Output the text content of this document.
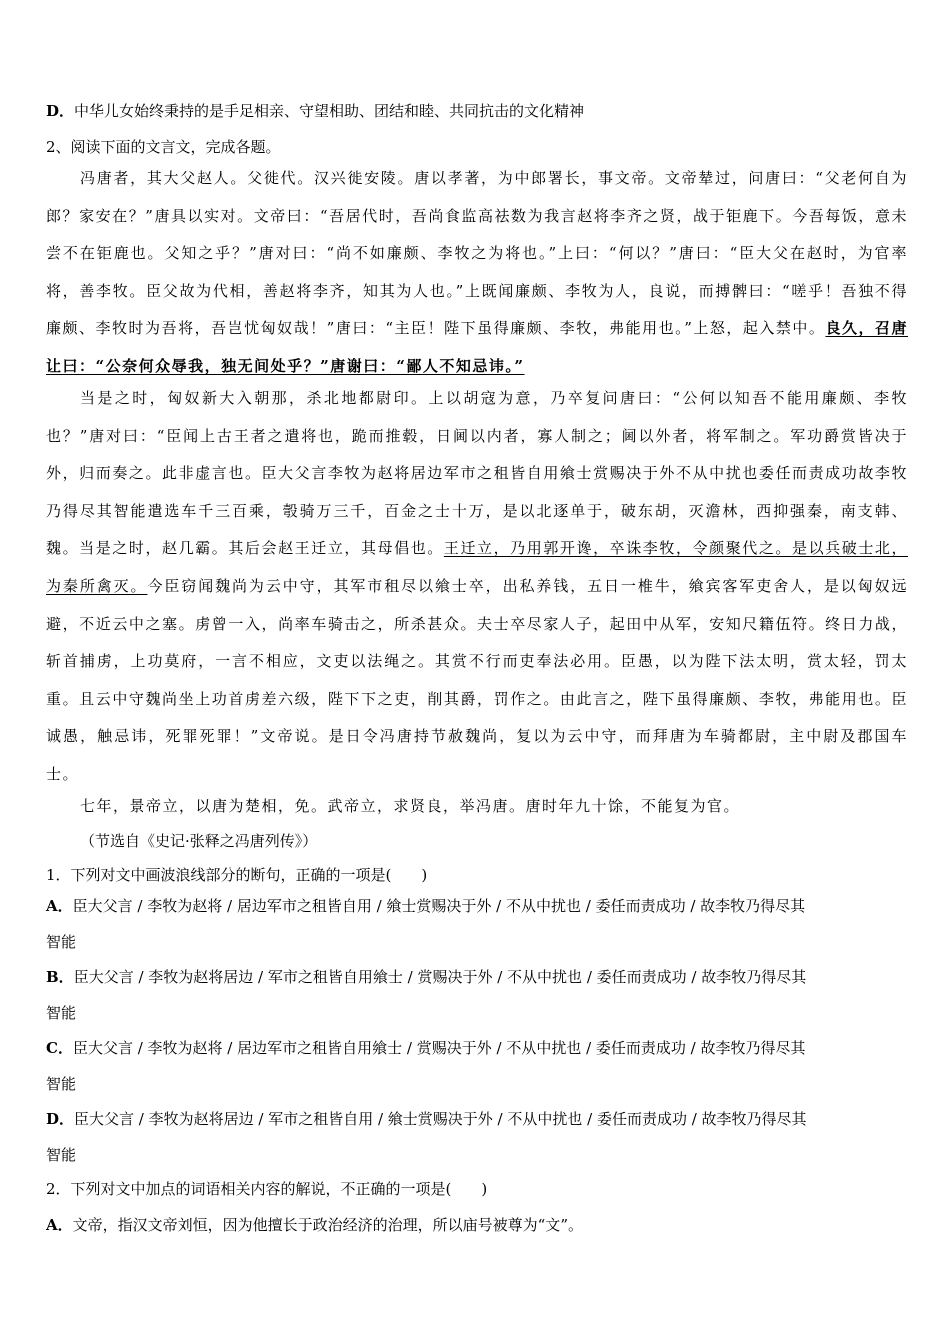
D．中华儿女始终秉持的是手足相亲、守望相助、团结和睦、共同抗击的文化精神
2、阅读下面的文言文，完成各题。
冯唐者，其大父赵人。父徙代。汉兴徙安陵。唐以孝著，为中郎署长，事文帝。文帝辇过，问唐曰：“父老何自为郎？家安在？”唐具以实对。文帝曰：“吾居代时，吾尚食监高祛数为我言赵将李齐之贤，战于钜鹿下。今吾每饭，意未尝不在钜鹿也。父知之乎？”唐对曰：“尚不如廉颇、李牧之为将也。”上曰：“何以？”唐曰：“臣大父在赵时，为官率将，善李牧。臣父故为代相，善赵将李齐，知其为人也。”上既闻廉颇、李牧为人，良说，而搏髀曰：“嗟乎！吾独不得廉颇、李牧时为吾将，吾岂忧匈奴哉！”唐曰：“主臣！陛下虽得廉颇、李牧，弗能用也。”上怒，起入禁中。良久，召唐让曰：“公奈何众辱我，独无间处乎？”唐谢曰：“鄙人不知忌讳。”
当是之时，匈奴新大入朝那，杀北地都尉印。上以胡寇为意，乃卒复问唐曰：“公何以知吾不能用廉颇、李牧也？”唐对曰：“臣闻上古王者之遣将也，跪而推毂，日阃以内者，寡人制之；阃以外者，将军制之。军功爵赏皆决于外，归而奏之。此非虚言也。臣大父言李牧为赵将居边军市之租皆自用飨士赏赐决于外不从中扰也委任而责成功故李牧乃得尽其智能遣选车千三百乘，彀骑万三千，百金之士十万，是以北逐单于，破东胡，灭澹林，西抑强秦，南支韩、魏。当是之时，赵几霸。其后会赵王迁立，其母倡也。王迁立，乃用郭开谗，卒诛李牧，令颜聚代之。是以兵破士北，为秦所禽灭。今臣窃闻魏尚为云中守，其军市租尽以飨士卒，出私养钱，五日一椎牛，飨宾客军吏舍人，是以匈奴远避，不近云中之塞。虏曾一入，尚率车骑击之，所杀甚众。夫士卒尽家人子，起田中从军，安知尺籍伍符。终日力战，斩首捕虏，上功莫府，一言不相应，文吏以法绳之。其赏不行而吏奉法必用。臣愚，以为陛下法太明，赏太轻，罚太重。且云中守魏尚坐上功首虏差六级，陛下下之吏，削其爵，罚作之。由此言之，陛下虽得廉颇、李牧，弗能用也。臣诚愚，触忌讳，死罪死罪！”文帝说。是日令冯唐持节赦魏尚，复以为云中守，而拜唐为车骑都尉，主中尉及郡国车士。
七年，景帝立，以唐为楚相，免。武帝立，求贤良，举冯唐。唐时年九十馀，不能复为官。
（节选自《史记·张释之冯唐列传》）
1．下列对文中画波浪线部分的断句，正确的一项是(　　)
A．臣大父言 / 李牧为赵将 / 居边军市之租皆自用 / 飨士赏赐决于外 / 不从中扰也 / 委任而责成功 / 故李牧乃得尽其
智能
B．臣大父言 / 李牧为赵将居边 / 军市之租皆自用飨士 / 赏赐决于外 / 不从中扰也 / 委任而责成功 / 故李牧乃得尽其
智能
C．臣大父言 / 李牧为赵将 / 居边军市之租皆自用飨士 / 赏赐决于外 / 不从中扰也 / 委任而责成功 / 故李牧乃得尽其
智能
D．臣大父言 / 李牧为赵将居边 / 军市之租皆自用 / 飨士赏赐决于外 / 不从中扰也 / 委任而责成功 / 故李牧乃得尽其
智能
2．下列对文中加点的词语相关内容的解说，不正确的一项是(　　)
A．文帝，指汉文帝刘恒，因为他擅长于政治经济的治理，所以庙号被尊为“文”。
